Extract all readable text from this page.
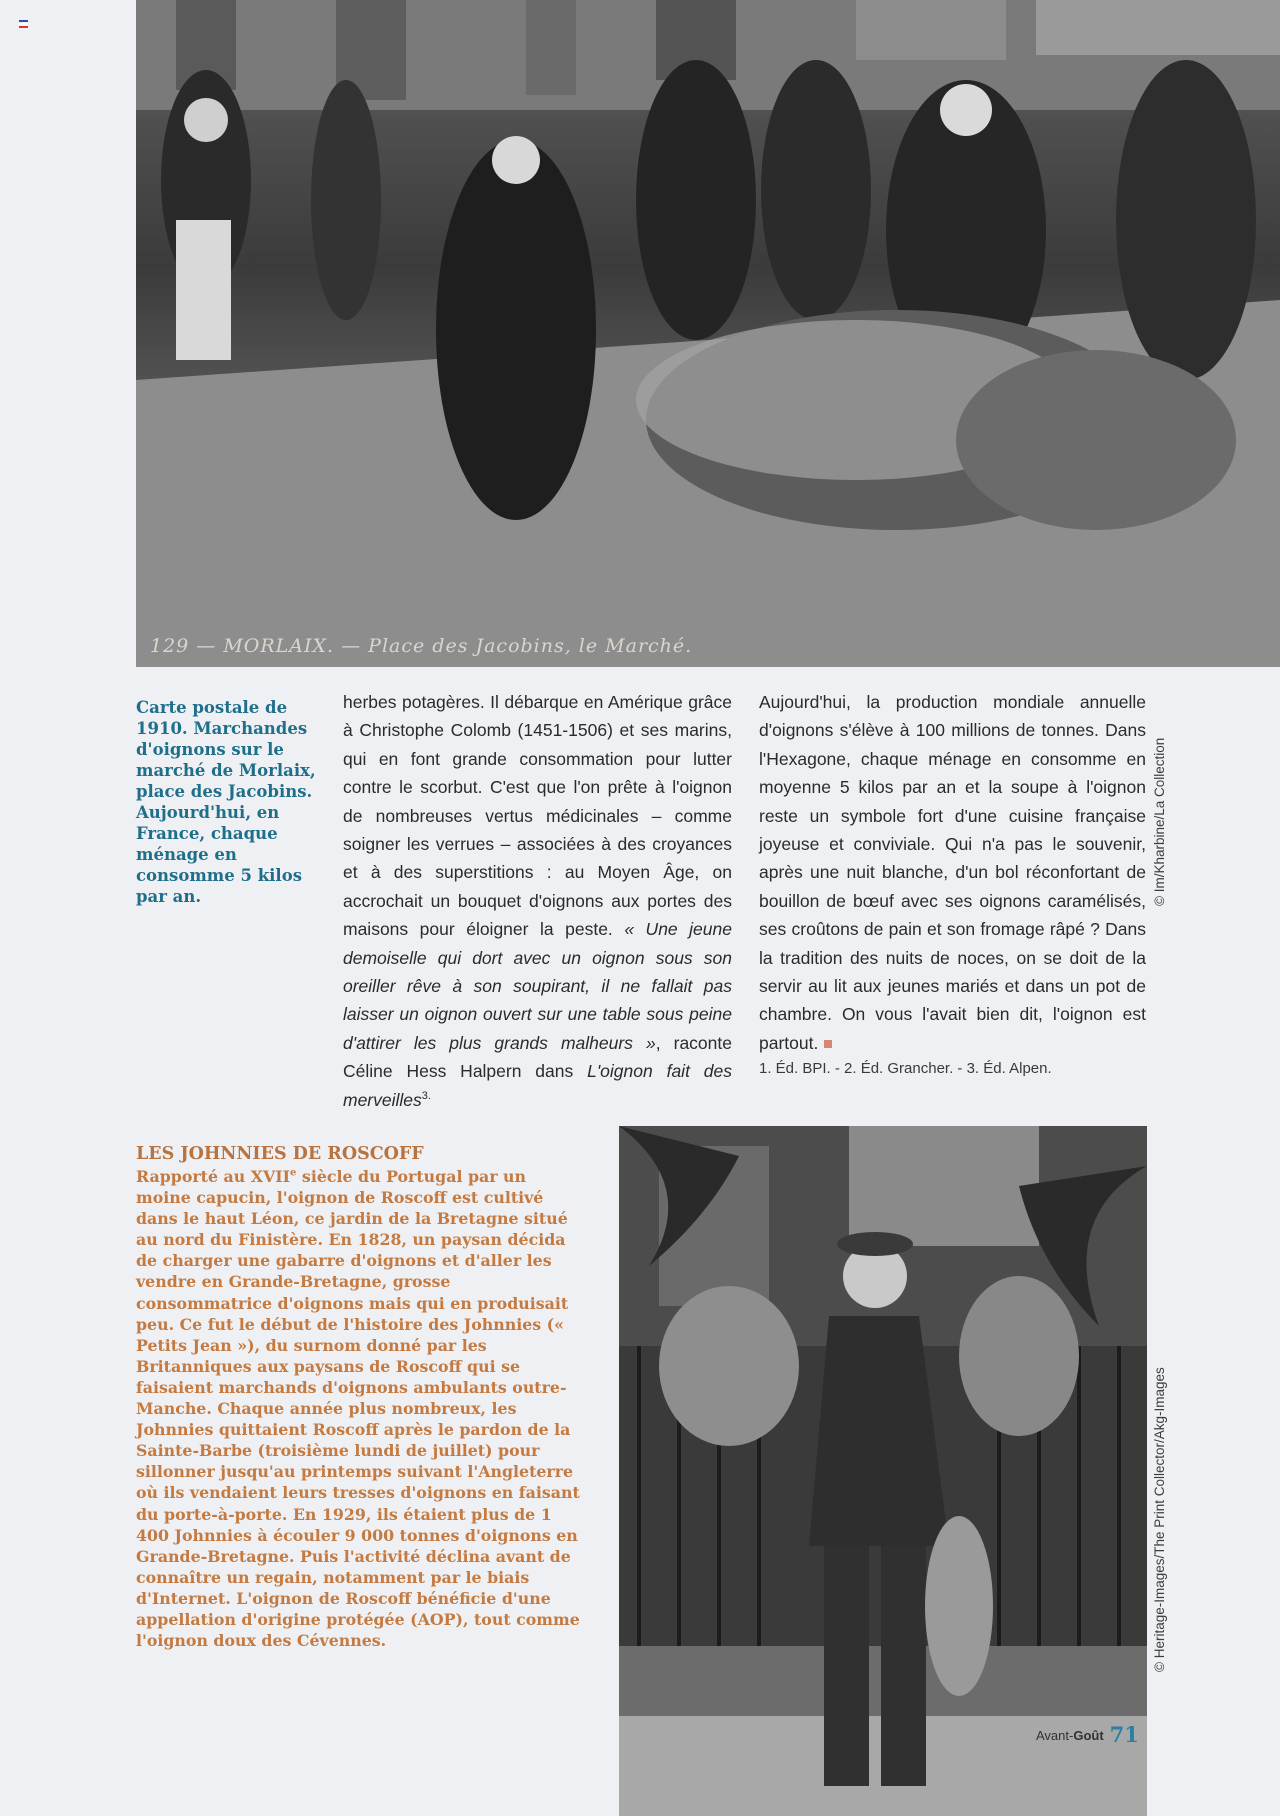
129 — MORLAIX. — Place des Jacobins, le Marché.
Carte postale de 1910. Marchandes d'oignons sur le marché de Morlaix, place des Jacobins. Aujourd'hui, en France, chaque ménage en consomme 5 kilos par an.
herbes potagères. Il débarque en Amérique grâce à Christophe Colomb (1451-1506) et ses marins, qui en font grande consommation pour lutter contre le scorbut. C'est que l'on prête à l'oignon de nombreuses vertus médicinales – comme soigner les verrues – associées à des croyances et à des superstitions : au Moyen Âge, on accrochait un bouquet d'oignons aux portes des maisons pour éloigner la peste. « Une jeune demoiselle qui dort avec un oignon sous son oreiller rêve à son soupirant, il ne fallait pas laisser un oignon ouvert sur une table sous peine d'attirer les plus grands malheurs », raconte Céline Hess Halpern dans L'oignon fait des merveilles$^{3.}$
Aujourd'hui, la production mondiale annuelle d'oignons s'élève à 100 millions de tonnes. Dans l'Hexagone, chaque ménage en consomme en moyenne 5 kilos par an et la soupe à l'oignon reste un symbole fort d'une cuisine française joyeuse et conviviale. Qui n'a pas le souvenir, après une nuit blanche, d'un bol réconfortant de bouillon de bœuf avec ses oignons caramélisés, ses croûtons de pain et son fromage râpé ? Dans la tradition des nuits de noces, on se doit de la servir au lit aux jeunes mariés et dans un pot de chambre. On vous l'avait bien dit, l'oignon est partout.
1. Éd. BPI. - 2. Éd. Grancher. - 3. Éd. Alpen.
© Im/Kharbine/La Collection
© Heritage-Images/The Print Collector/Akg-Images
LES JOHNNIES DE ROSCOFF
Rapporté au XVIIe siècle du Portugal par un moine capucin, l'oignon de Roscoff est cultivé dans le haut Léon, ce jardin de la Bretagne situé au nord du Finistère. En 1828, un paysan décida de charger une gabarre d'oignons et d'aller les vendre en Grande-Bretagne, grosse consommatrice d'oignons mais qui en produisait peu. Ce fut le début de l'histoire des Johnnies (« Petits Jean »), du surnom donné par les Britanniques aux paysans de Roscoff qui se faisaient marchands d'oignons ambulants outre-Manche. Chaque année plus nombreux, les Johnnies quittaient Roscoff après le pardon de la Sainte-Barbe (troisième lundi de juillet) pour sillonner jusqu'au printemps suivant l'Angleterre où ils vendaient leurs tresses d'oignons en faisant du porte-à-porte. En 1929, ils étaient plus de 1 400 Johnnies à écouler 9 000 tonnes d'oignons en Grande-Bretagne. Puis l'activité déclina avant de connaître un regain, notamment par le biais d'Internet. L'oignon de Roscoff bénéficie d'une appellation d'origine protégée (AOP), tout comme l'oignon doux des Cévennes.
Avant-Goût 71
